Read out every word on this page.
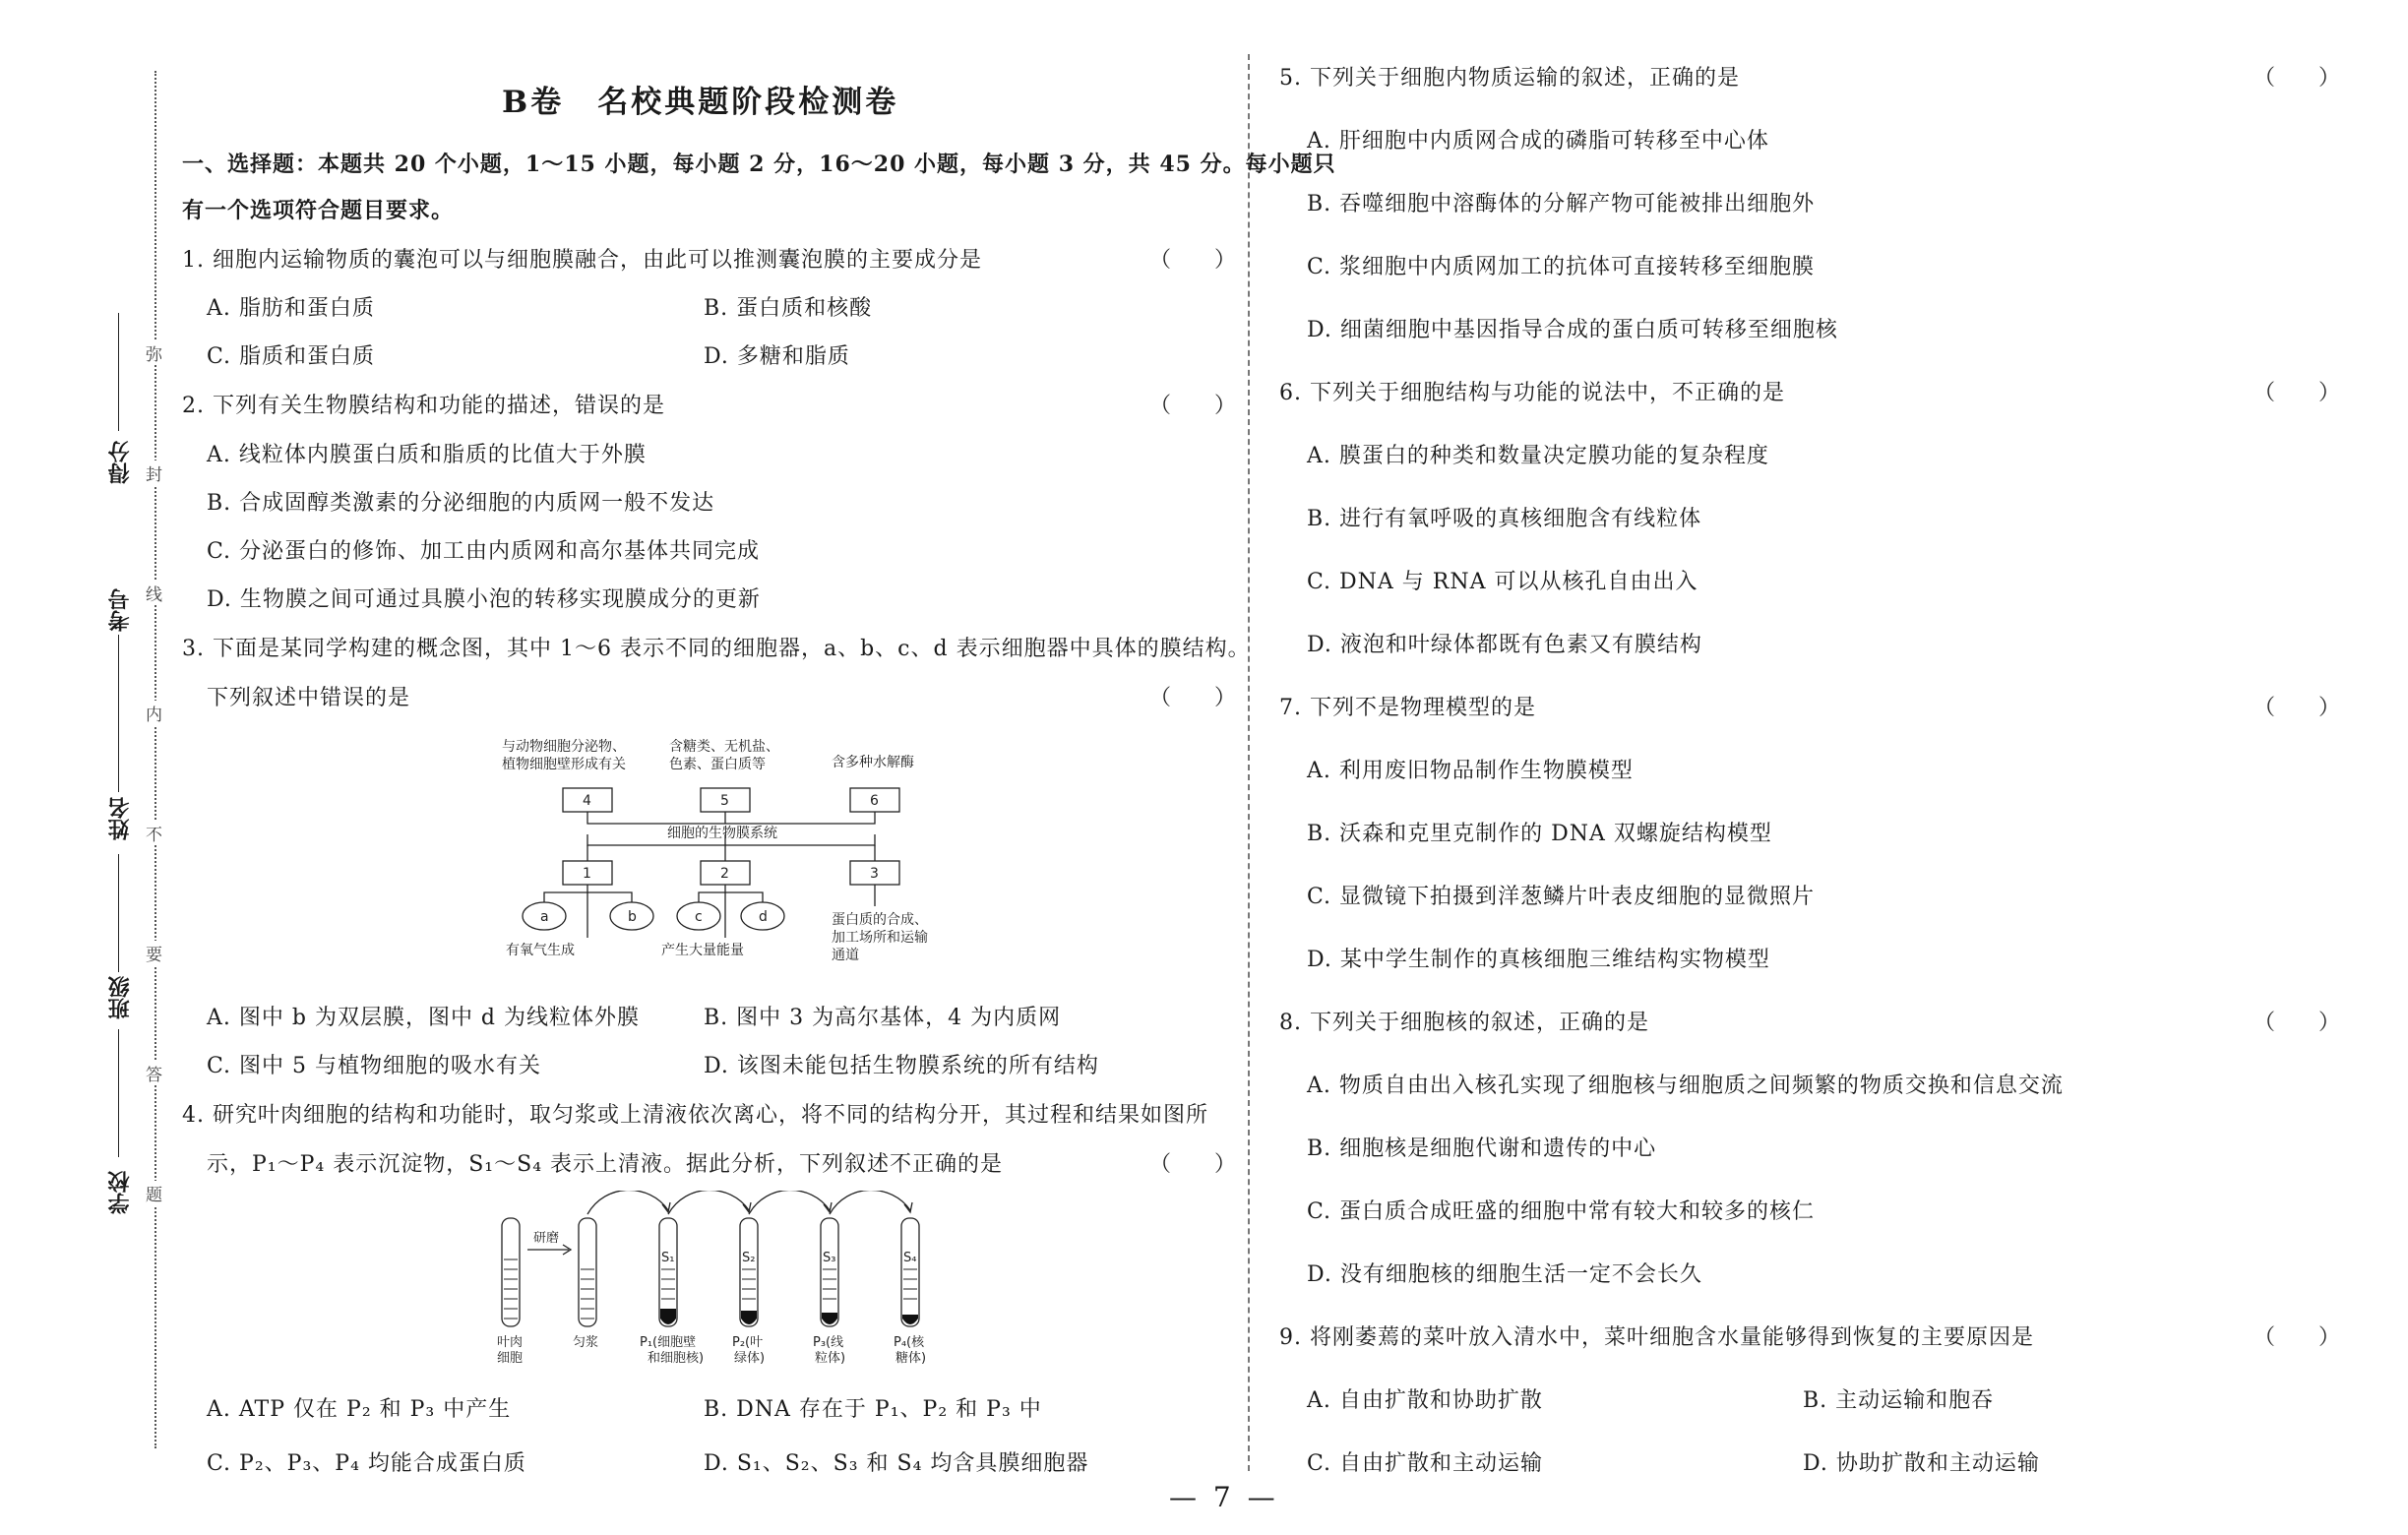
得分
考号
姓名
班级
学校
弥
封
线
内
不
要
答
题
B卷　名校典题阶段检测卷
一、选择题：本题共 20 个小题，1～15 小题，每小题 2 分，16～20 小题，每小题 3 分，共 45 分。每小题只
有一个选项符合题目要求。
1. 细胞内运输物质的囊泡可以与细胞膜融合，由此可以推测囊泡膜的主要成分是	（　　）
A. 脂肪和蛋白质	B. 蛋白质和核酸
C. 脂质和蛋白质	D. 多糖和脂质
2. 下列有关生物膜结构和功能的描述，错误的是	（　　）
A. 线粒体内膜蛋白质和脂质的比值大于外膜
B. 合成固醇类激素的分泌细胞的内质网一般不发达
C. 分泌蛋白的修饰、加工由内质网和高尔基体共同完成
D. 生物膜之间可通过具膜小泡的转移实现膜成分的更新
3. 下面是某同学构建的概念图，其中 1～6 表示不同的细胞器，a、b、c、d 表示细胞器中具体的膜结构。
下列叙述中错误的是	（　　）
与动物细胞分泌物、
植物细胞壁形成有关
含糖类、无机盐、
色素、蛋白质等	含多种水解酶
4	5	6
细胞的生物膜系统
1	2	3
a	b	c	d
有氧气生成	产生大量能量
蛋白质的合成、
加工场所和运输
通道
A. 图中 b 为双层膜，图中 d 为线粒体外膜	B. 图中 3 为高尔基体，4 为内质网
C. 图中 5 与植物细胞的吸水有关	D. 该图未能包括生物膜系统的所有结构
4. 研究叶肉细胞的结构和功能时，取匀浆或上清液依次离心，将不同的结构分开，其过程和结果如图所
示，P₁～P₄ 表示沉淀物，S₁～S₄ 表示上清液。据此分析，下列叙述不正确的是	（　　）
研磨
S₁	S₂	S₃	S₄
叶肉
细胞
匀浆	P₁(细胞壁
和细胞核)
P₂(叶
绿体)
P₃(线
粒体)
P₄(核
糖体)
A. ATP 仅在 P₂ 和 P₃ 中产生	B. DNA 存在于 P₁、P₂ 和 P₃ 中
C. P₂、P₃、P₄ 均能合成蛋白质	D. S₁、S₂、S₃ 和 S₄ 均含具膜细胞器
5. 下列关于细胞内物质运输的叙述，正确的是	（　　）
A. 肝细胞中内质网合成的磷脂可转移至中心体
B. 吞噬细胞中溶酶体的分解产物可能被排出细胞外
C. 浆细胞中内质网加工的抗体可直接转移至细胞膜
D. 细菌细胞中基因指导合成的蛋白质可转移至细胞核
6. 下列关于细胞结构与功能的说法中，不正确的是	（　　）
A. 膜蛋白的种类和数量决定膜功能的复杂程度
B. 进行有氧呼吸的真核细胞含有线粒体
C. DNA 与 RNA 可以从核孔自由出入
D. 液泡和叶绿体都既有色素又有膜结构
7. 下列不是物理模型的是	（　　）
A. 利用废旧物品制作生物膜模型
B. 沃森和克里克制作的 DNA 双螺旋结构模型
C. 显微镜下拍摄到洋葱鳞片叶表皮细胞的显微照片
D. 某中学生制作的真核细胞三维结构实物模型
8. 下列关于细胞核的叙述，正确的是	（　　）
A. 物质自由出入核孔实现了细胞核与细胞质之间频繁的物质交换和信息交流
B. 细胞核是细胞代谢和遗传的中心
C. 蛋白质合成旺盛的细胞中常有较大和较多的核仁
D. 没有细胞核的细胞生活一定不会长久
9. 将刚萎蔫的菜叶放入清水中，菜叶细胞含水量能够得到恢复的主要原因是	（　　）
A. 自由扩散和协助扩散	B. 主动运输和胞吞
C. 自由扩散和主动运输	D. 协助扩散和主动运输
— 7 —
